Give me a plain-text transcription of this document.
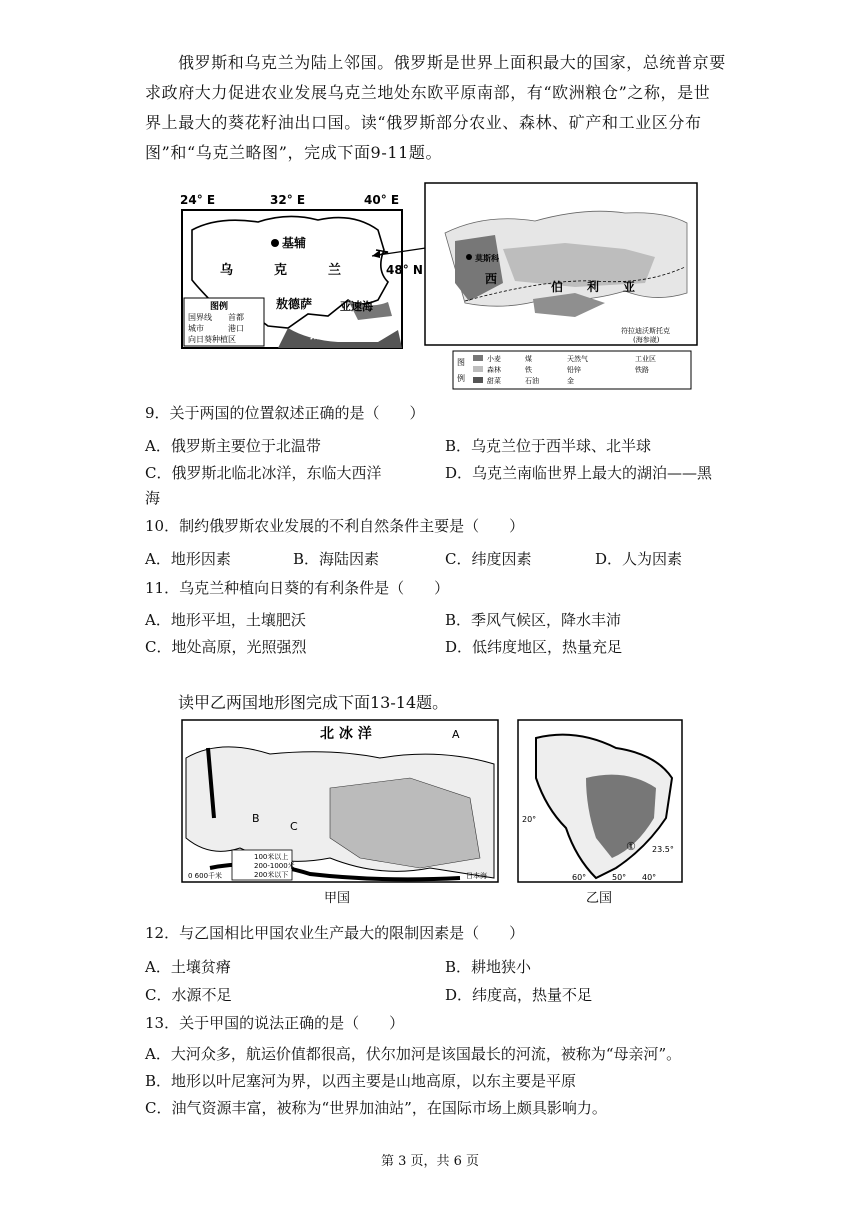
俄罗斯和乌克兰为陆上邻国。俄罗斯是世界上面积最大的国家，总统普京要
求政府大力促进农业发展乌克兰地处东欧平原南部，有“欧洲粮仓”之称，是世
界上最大的葵花籽油出口国。读“俄罗斯部分农业、森林、矿产和工业区分布
图”和“乌克兰略图”，完成下面9-11题。
24° E	32° E	40° E
基辅
乌	克	兰	48° N
敖德萨	亚速海
黑	海
图例
国界线 首都
城市	港口
向日葵种植区
莫斯科
西
伯 利 亚
符拉迪沃斯托克
(海参崴)
图
例
小麦	煤	天然气	工业区
森林	铁	铅锌	铁路
甜菜	石油	金
9．关于两国的位置叙述正确的是（　　）
A．俄罗斯主要位于北温带	B．乌克兰位于西半球、北半球
C．俄罗斯北临北冰洋，东临大西洋	D．乌克兰南临世界上最大的湖泊——黑
海
10．制约俄罗斯农业发展的不利自然条件主要是（　　）
A．地形因素	B．海陆因素	C．纬度因素	D．人为因素
11．乌克兰种植向日葵的有利条件是（　　）
A．地形平坦，土壤肥沃	B．季风气候区，降水丰沛
C．地处高原，光照强烈	D．低纬度地区，热量充足
读甲乙两国地形图完成下面13-14题。
北 冰 洋	A
B
C
100米以上
200-1000米
200米以下
0 600千米	日本海
甲国
20°
23.5°
60°	50° 40°
①
乙国
12．与乙国相比甲国农业生产最大的限制因素是（　　）
A．土壤贫瘠	B．耕地狭小
C．水源不足	D．纬度高，热量不足
13．关于甲国的说法正确的是（　　）
A．大河众多，航运价值都很高，伏尔加河是该国最长的河流，被称为“母亲河”。
B．地形以叶尼塞河为界，以西主要是山地高原，以东主要是平原
C．油气资源丰富，被称为“世界加油站”，在国际市场上颇具影响力。
第 3 页，共 6 页
